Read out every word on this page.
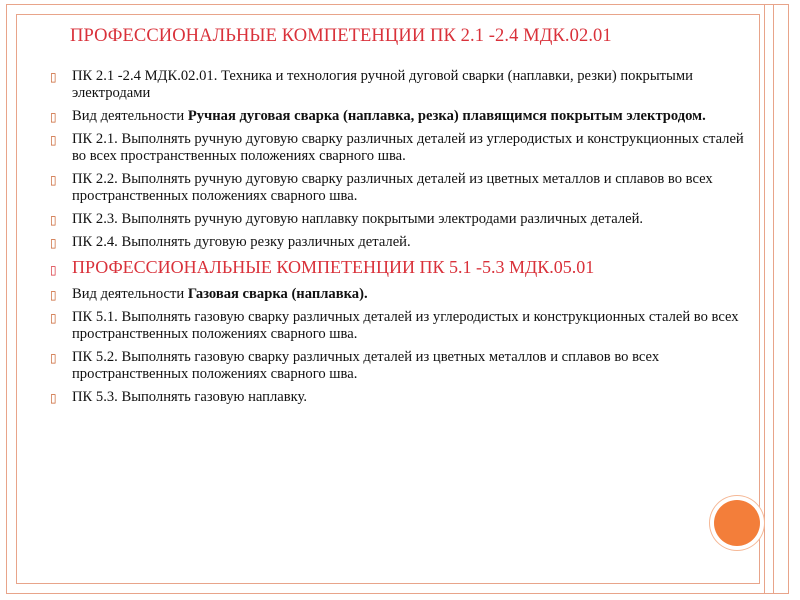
ПРОФЕССИОНАЛЬНЫЕ КОМПЕТЕНЦИИ ПК 2.1 -2.4 МДК.02.01
▯ ПК 2.1 -2.4 МДК.02.01. Техника и технология ручной дуговой сварки (наплавки, резки) покрытыми электродами
▯ Вид деятельности Ручная дуговая сварка (наплавка, резка) плавящимся покрытым электродом.
▯ ПК 2.1. Выполнять ручную дуговую сварку различных деталей из углеродистых и конструкционных сталей во всех пространственных положениях сварного шва.
▯ ПК 2.2. Выполнять ручную дуговую сварку различных деталей из цветных металлов и сплавов во всех пространственных положениях сварного шва.
▯ ПК 2.3. Выполнять ручную дуговую наплавку покрытыми электродами различных деталей.
▯ ПК 2.4. Выполнять дуговую резку различных деталей.
▯ ПРОФЕССИОНАЛЬНЫЕ КОМПЕТЕНЦИИ ПК 5.1 -5.3 МДК.05.01
▯ Вид деятельности Газовая сварка (наплавка).
▯ ПК 5.1. Выполнять газовую сварку различных деталей из углеродистых и конструкционных сталей во всех пространственных положениях сварного шва.
▯ ПК 5.2. Выполнять газовую сварку различных деталей из цветных металлов и сплавов во всех пространственных положениях сварного шва.
▯ ПК 5.3. Выполнять газовую наплавку.
